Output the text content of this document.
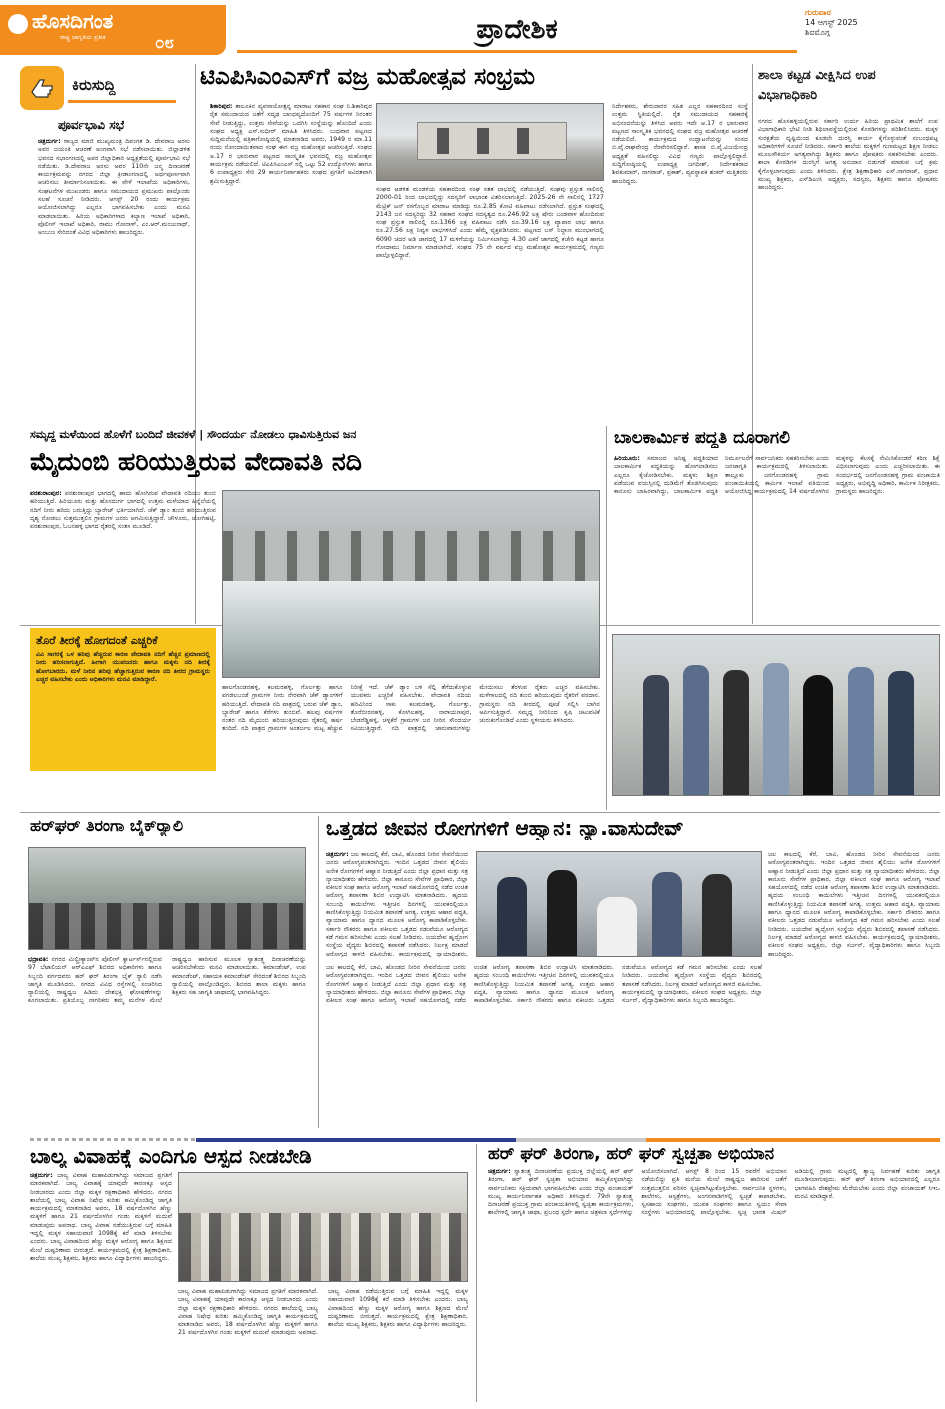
ಹೊಸದಿಗಂತ
ರಾಷ್ಟ್ರ ಜಾಗೃತಿಯ ಪ್ರತೀಕ	೦೮	ಪ್ರಾದೇಶಿಕ
ಗುರುವಾರ
14 ಆಗಸ್ಟ್ 2025
ಶಿವಮೊಗ್ಗ
ಕಿರುಸುದ್ದಿ
ಪೂರ್ವಭಾವಿ ಸಭೆ
ಚಿತ್ರದುರ್ಗ: ರಾಜ್ಯದ ಮಾಜಿ ಮುಖ್ಯಮಂತ್ರಿ ದಿವಂಗತ ಡಿ. ದೇವರಾಜ ಅರಸು ಅವರ ಜಯಂತಿ ಆಚರಣೆ ಅಂಗವಾಗಿ ಸಭೆ ನಡೆಸಲಾಯಿತು. ಜಿಲ್ಲಾಡಳಿತ ಭವನದ ಸಭಾಂಗಣದಲ್ಲಿ ಅಪರ ಜಿಲ್ಲಾಧಿಕಾರಿ ಅಧ್ಯಕ್ಷತೆಯಲ್ಲಿ ಪೂರ್ವಭಾವಿ ಸಭೆ ನಡೆಯಿತು. ಡಿ.ದೇವರಾಜ ಅರಸು ಅವರ 110ನೇ ಜನ್ಮ ದಿನಾಚರಣೆ ಕಾರ್ಯಕ್ರಮವನ್ನು ನಗರದ ಜಿಲ್ಲಾ ಕ್ರೀಡಾಂಗಣದಲ್ಲಿ ಅರ್ಥಪೂರ್ಣವಾಗಿ ಆಚರಿಸಲು ತೀರ್ಮಾನಿಸಲಾಯಿತು. ಈ ವೇಳೆ ಇಲಾಖೆಯ ಅಧಿಕಾರಿಗಳು, ಸಂಘಟನೆಗಳ ಮುಖಂಡರು ಹಾಗೂ ಸಮುದಾಯದ ಪ್ರಮುಖರು ಪಾಲ್ಗೊಂಡು ಸಲಹೆ ಸೂಚನೆ ನೀಡಿದರು. ಆಗಸ್ಟ್ 20 ರಂದು ಕಾರ್ಯಕ್ರಮ ಆಯೋಜಿಸಲಾಗಿದ್ದು ಎಲ್ಲರೂ ಭಾಗವಹಿಸಬೇಕು ಎಂದು ಮನವಿ ಮಾಡಲಾಯಿತು. ಹಿರಿಯ ಅಧಿಕಾರಿಗಳಾದ ಕಲ್ಯಾಣ ಇಲಾಖೆ ಅಧಿಕಾರಿ, ಪೊಲೀಸ್ ಇಲಾಖೆ ಅಧಿಕಾರಿ, ರಾಮು ಗೋನಾಳ್, ಎಂ.ಆರ್.ಮಂಜುನಾಥ್, ಅಂಬುಜ ಸೇರಿದಂತೆ ವಿವಿಧ ಅಧಿಕಾರಿಗಳು ಹಾಜರಿದ್ದರು.
ಟಿಎಪಿಸಿಎಂಎಸ್‌ಗೆ ವಜ್ರ ಮಹೋತ್ಸವ ಸಂಭ್ರಮ
ಶಿಕಾರಿಪುರ: ತಾಲೂಕಿನ ವ್ಯವಸಾಯೋತ್ಪನ್ನ ಮಾರಾಟ ಸಹಕಾರ ಸಂಘ ನಿ.ಶಿಕಾರಿಪುರ ರೈತ ಸಮುದಾಯದ ಜತೆಗೆ ಸದೃಢ ಬಾಂಧವ್ಯದೊಂದಿಗೆ 75 ವರ್ಷಗಳ ನಿರಂತರ ಸೇವೆ ನೀಡುತ್ತಿದ್ದು, ಉತ್ತಮ ಸೇವೆಯನ್ನು ಒದಗಿಸಿ ಸಂಸ್ಥೆಯನ್ನು ಹೊಂದಿದೆ ಎಂದು ಸಂಘದ ಅಧ್ಯಕ್ಷ ಎಸ್.ಸುಧೀರ್ ಮಾಹಿತಿ ತಿಳಿಸಿದರು. ಬುಧವಾರ ಪಟ್ಟಣದ ಸುದ್ದಿಮನೆಯಲ್ಲಿ ಪತ್ರಿಕಾಗೋಷ್ಠಿಯಲ್ಲಿ ಮಾತನಾಡಿದ ಅವರು, 1949 ರ ಮಾ.11 ರಂದು ನೋಂದಾಯಿತವಾದ ಸಂಘ ಈಗ ವಜ್ರ ಮಹೋತ್ಸವ ಆಚರಿಸುತ್ತಿದೆ. ಸಂಘದ ಅ.17 ರ ಭಾನುವಾರ ಪಟ್ಟಣದ ಸಾಂಸ್ಕೃತಿಕ ಭವನದಲ್ಲಿ ವಜ್ರ ಮಹೋತ್ಸವ ಕಾರ್ಯಕ್ರಮ ನಡೆಯಲಿದೆ. ಟಿಎಪಿಸಿಎಂಎಸ್ ನಲ್ಲಿ ಒಟ್ಟು 52 ಉದ್ಯೋಗಿಗಳು ಹಾಗೂ 6 ಉಪಾಧ್ಯಕ್ಷರು ಸೇರಿ 29 ಕಾರ್ಯನಿರ್ವಾಹಕರು ಸಂಘದ ಪ್ರಗತಿಗೆ ಅವಿರತವಾಗಿ ಶ್ರಮಿಸುತ್ತಿದ್ದಾರೆ.
ಸಂಘದ ಆಡಳಿತ ಮಂಡಳಿಯ ಸಹಕಾರದಿಂದ ಸಂಘ ಸತತ ಲಾಭದಲ್ಲಿ ನಡೆಯುತ್ತಿದೆ. ಸಂಘವು ಪ್ರಸ್ತುತ ಸಾಲಿನಲ್ಲಿ 2000-01 ರಿಂದ ಲಾಭದಲ್ಲಿದ್ದು ಸದಸ್ಯರಿಗೆ ಲಾಭಾಂಶ ವಿತರಿಸಲಾಗುತ್ತಿದೆ. 2025-26 ನೇ ಸಾಲಿನಲ್ಲಿ 1727 ಮೆಟ್ರಿಕ್ ಟನ್ ರಸಗೊಬ್ಬರ ಮಾರಾಟ ಮಾಡಿದ್ದು ರೂ.2.85 ಕೋಟಿ ವಹಿವಾಟು ನಡೆಸಲಾಗಿದೆ. ಪ್ರಸ್ತುತ ಸಂಘದಲ್ಲಿ 2143 ಜನ ಸದಸ್ಯರಿದ್ದು 32 ಸಹಕಾರ ಸಂಘದ ಸದಸ್ಯತ್ವದ ರೂ.246.92 ಲಕ್ಷ ಷೇರು ಬಂಡವಾಳ ಹೊಂದಿರುವ ಸಂಘ ಪ್ರಸ್ತುತ ಸಾಲಿನಲ್ಲಿ ರೂ.1366 ಲಕ್ಷ ವಹಿವಾಟು ನಡೆಸಿ ರೂ.39.16 ಲಕ್ಷ ವ್ಯಾಪಾರ ಲಾಭ ಹಾಗೂ ರೂ.27.56 ಲಕ್ಷ ನಿವ್ವಳ ಲಾಭಗಳಿಸಿದೆ ಎಂದು ಹೆಮ್ಮೆ ವ್ಯಕ್ತಪಡಿಸಿದರು. ಪಟ್ಟಣದ ಬಸ್ ನಿಲ್ದಾಣ ಮುಂಭಾಗದಲ್ಲಿ 6090 ಚದರ ಅಡಿ ಜಾಗದಲ್ಲಿ 17 ಮಳಿಗೆಯನ್ನು ನಿರ್ಮಿಸಲಾಗಿದ್ದು 4.30 ಎಕರೆ ಜಾಗದಲ್ಲಿ ಕಚೇರಿ ಕಟ್ಟಡ ಹಾಗೂ ಗೋದಾಮು ನಿರ್ಮಾಣ ಮಾಡಲಾಗಿದೆ. ಸಂಘದ 75 ನೇ ವರ್ಷದ ವಜ್ರ ಮಹೋತ್ಸವ ಕಾರ್ಯಕ್ರಮದಲ್ಲಿ ಗಣ್ಯರು ಪಾಲ್ಗೊಳ್ಳಲಿದ್ದಾರೆ.
ನಿರ್ದೇಶಕರು, ಶೇರುದಾರರ ಸಹಿತ ಎಲ್ಲರ ಸಹಕಾರದಿಂದ ಸಂಸ್ಥೆ ಉತ್ತಮ ಸ್ಥಿತಿಯಲ್ಲಿದೆ. ರೈತ ಸಮುದಾಯದ ಸಹಕಾರಕ್ಕೆ ಅಭಿನಂದನೆಯನ್ನು ತಿಳಿಸಿದ ಅವರು ಇದೇ ಆ.17 ರ ಭಾನುವಾರ ಪಟ್ಟಣದ ಸಾಂಸ್ಕೃತಿಕ ಭವನದಲ್ಲಿ ಸಂಘದ ವಜ್ರ ಮಹೋತ್ಸವ ಆಚರಣೆ ನಡೆಯಲಿದೆ. ಕಾರ್ಯಕ್ರಮದ ಉದ್ಘಾಟನೆಯನ್ನು ಸಂಸದ ಬಿ.ವೈ.ರಾಘವೇಂದ್ರ ನೆರವೇರಿಸಲಿದ್ದಾರೆ. ಶಾಸಕ ಬಿ.ವೈ.ವಿಜಯೇಂದ್ರ ಅಧ್ಯಕ್ಷತೆ ವಹಿಸಲಿದ್ದು ವಿವಿಧ ಗಣ್ಯರು ಪಾಲ್ಗೊಳ್ಳಲಿದ್ದಾರೆ. ಸುದ್ದಿಗೋಷ್ಠಿಯಲ್ಲಿ ಉಪಾಧ್ಯಕ್ಷ ಜಗದೀಶ್, ನಿರ್ದೇಶಕರಾದ ಶಿವಕುಮಾರ್, ನಾಗರಾಜ್, ಪ್ರಕಾಶ್, ವ್ಯವಸ್ಥಾಪಕ ಶಂಕರ್ ಮತ್ತಿತರರು ಹಾಜರಿದ್ದರು.
ಶಾಲಾ ಕಟ್ಟಡ ವೀಕ್ಷಿಸಿದ ಉಪ ವಿಭಾಗಾಧಿಕಾರಿ
ನಗರದ ಹೊಸಹಳ್ಳಿಯಲ್ಲಿರುವ ಸರ್ಕಾರಿ ಉರ್ದು ಹಿರಿಯ ಪ್ರಾಥಮಿಕ ಶಾಲೆಗೆ ಉಪ ವಿಭಾಗಾಧಿಕಾರಿ ಭೇಟಿ ನೀಡಿ ಶಿಥಿಲಾವಸ್ಥೆಯಲ್ಲಿರುವ ಕೊಠಡಿಗಳನ್ನು ಪರಿಶೀಲಿಸಿದರು. ಮಕ್ಕಳ ಸುರಕ್ಷತೆಯ ದೃಷ್ಟಿಯಿಂದ ಕೂಡಲೇ ದುರಸ್ತಿ ಕಾರ್ಯ ಕೈಗೊಳ್ಳುವಂತೆ ಸಂಬಂಧಪಟ್ಟ ಅಧಿಕಾರಿಗಳಿಗೆ ಸೂಚನೆ ನೀಡಿದರು. ಸರ್ಕಾರಿ ಶಾಲೆಯ ಮಕ್ಕಳಿಗೆ ಗುಣಮಟ್ಟದ ಶಿಕ್ಷಣ ನೀಡಲು ಮೂಲಸೌಕರ್ಯ ಅಗತ್ಯವಾಗಿದ್ದು ಶಿಕ್ಷಕರು ಹಾಗೂ ಪೋಷಕರು ಸಹಕರಿಸಬೇಕು ಎಂದರು. ಶಾಲಾ ಕೊಠಡಿಗಳ ದುರಸ್ತಿಗೆ ಅಗತ್ಯ ಅನುದಾನ ಬಿಡುಗಡೆ ಮಾಡುವ ಬಗ್ಗೆ ಕ್ರಮ ಕೈಗೊಳ್ಳಲಾಗುವುದು ಎಂದು ತಿಳಿಸಿದರು. ಕ್ಷೇತ್ರ ಶಿಕ್ಷಣಾಧಿಕಾರಿ ಎಸ್.ನಾಗರಾಜ್, ಪ್ರಧಾನ ಮುಖ್ಯ ಶಿಕ್ಷಕರು, ಎಸ್‌ಡಿಎಂಸಿ ಅಧ್ಯಕ್ಷರು, ಸದಸ್ಯರು, ಶಿಕ್ಷಕರು ಹಾಗೂ ಪೋಷಕರು ಹಾಜರಿದ್ದರು.
ಸಮೃದ್ಧ ಮಳೆಯಿಂದ ಹೊಳೆಗೆ ಬಂದಿದೆ ಜೀವಕಳೆ | ಸೌಂದರ್ಯ ನೋಡಲು ಧಾವಿಸುತ್ತಿರುವ ಜನ
ಮೈದುಂಬಿ ಹರಿಯುತ್ತಿರುವ ವೇದಾವತಿ ನದಿ
ಪರಶುರಾಂಪುರ: ಪರಶುರಾಂಪುರ ಭಾಗದಲ್ಲಿ ಹಾದು ಹೋಗಿರುವ ವೇದಾವತಿ ನದಿಯು ತುಂಬಿ ಹರಿಯುತ್ತಿದೆ. ಹಿರಿಯೂರು ಮತ್ತು ಹೊಸದುರ್ಗ ಭಾಗದಲ್ಲಿ ಉತ್ತಮ ಮಳೆಯಾದ ಹಿನ್ನೆಲೆಯಲ್ಲಿ ನದಿಗೆ ನೀರು ಹರಿದು ಬರುತ್ತಿದ್ದು ಬ್ಯಾರೇಜ್ ಭರ್ತಿಯಾಗಿದೆ. ಚೆಕ್ ಡ್ಯಾಂ ತುಂಬಿ ಹರಿಯುತ್ತಿರುವ ದೃಶ್ಯ ನೋಡಲು ಸುತ್ತಮುತ್ತಲಿನ ಗ್ರಾಮಗಳ ಜನರು ಆಗಮಿಸುತ್ತಿದ್ದಾರೆ. ಚೌಳೂರು, ಜೋಗಿಹಟ್ಟಿ, ಪರಶುರಾಂಪುರ, ಓಬನಹಳ್ಳಿ ಭಾಗದ ರೈತರಲ್ಲಿ ಸಂತಸ ಮೂಡಿದೆ.
ತೊರೆ ತೀರಕ್ಕೆ ಹೋಗದಂತೆ ಎಚ್ಚರಿಕೆ
ವಿವಿ ಸಾಗರಕ್ಕೆ ಒಳ ಹರಿವು ಹೆಚ್ಚಿರುವ ಕಾರಣ ವೇದಾವತಿ ನದಿಗೆ ಹೆಚ್ಚಿನ ಪ್ರಮಾಣದಲ್ಲಿ ನೀರು ಹರಿಸಲಾಗುತ್ತಿದೆ. ಹೀಗಾಗಿ ಯುವಜನರು ಹಾಗೂ ಮಕ್ಕಳು ನದಿ ತೀರಕ್ಕೆ ಹೋಗಬಾರದು. ಮಳೆ ನೀರಿನ ಹರಿವು ಹೆಚ್ಚಾಗುತ್ತಿರುವ ಕಾರಣ ನದಿ ತೀರದ ಗ್ರಾಮಸ್ಥರು ಎಚ್ಚರ ವಹಿಸಬೇಕು ಎಂದು ಅಧಿಕಾರಿಗಳು ಮನವಿ ಮಾಡಿದ್ದಾರೆ.
ಹಾಲಗೊಂಡನಹಳ್ಳಿ, ಕಲಮರಹಳ್ಳಿ, ಗೊರ್ಲತ್ತು ಹಾಗೂ ಪಗಡಲಬಂಡೆ ಗ್ರಾಮಗಳ ನೀರು ನೇರವಾಗಿ ಚೆಕ್ ಡ್ಯಾಂಗಳಿಗೆ ಹರಿಯುತ್ತಿದೆ. ವೇದಾವತಿ ನದಿ ಪಾತ್ರದಲ್ಲಿ ಬರುವ ಚೆಕ್ ಡ್ಯಾಂ, ಬ್ಯಾರೇಜ್ ಹಾಗೂ ಕೆರೆಗಳು ತುಂಬಿವೆ. ಹಲವು ವರ್ಷಗಳ ನಂತರ ನದಿ ಮೈದುಂಬಿ ಹರಿಯುತ್ತಿರುವುದು ರೈತರಲ್ಲಿ ಹರ್ಷ ತಂದಿದೆ. ನದಿ ಪಾತ್ರದ ಗ್ರಾಮಗಳ ಅಂತರ್ಜಲ ಮಟ್ಟ ಹೆಚ್ಚುವ ನಿರೀಕ್ಷೆ ಇದೆ. ಚೆಕ್ ಡ್ಯಾಂ ಬಳಿ ಸೆಲ್ಫಿ ತೆಗೆದುಕೊಳ್ಳುವ ಯುವಕರು ಎಚ್ಚರಿಕೆ ವಹಿಸಬೇಕು. ವೇದಾವತಿ ನದಿಯ ಹರಿವಿನಿಂದ ಸಾಕು ಕಲಮರಹಳ್ಳಿ, ಗೊರ್ಲತ್ತು, ತೊರೆಬೀರನಹಳ್ಳಿ, ಕೋಗಿಲಹಳ್ಳಿ, ನಾರಾಯಣಪುರ, ಬೇಡರೆಡ್ಡಿಹಳ್ಳಿ, ಚಳ್ಳಕೆರೆ ಗ್ರಾಮಗಳ ಜನ ನೀರಿನ ಸೌಂದರ್ಯ ಸವಿಯುತ್ತಿದ್ದಾರೆ. ನದಿ ಪಾತ್ರದಲ್ಲಿ ಜಾನುವಾರುಗಳನ್ನು ಮೇಯಿಸಲು ತೆರಳುವ ರೈತರು ಎಚ್ಚರ ವಹಿಸಬೇಕು. ಮಳೆಗಾಲದಲ್ಲಿ ನದಿ ತುಂಬಿ ಹರಿಯುವುದು ರೈತರಿಗೆ ವರದಾನ. ಗ್ರಾಮಸ್ಥರು ನದಿ ತೀರದಲ್ಲಿ ಪೂಜೆ ಸಲ್ಲಿಸಿ ಬಾಗಿನ ಅರ್ಪಿಸುತ್ತಿದ್ದಾರೆ. ಸಮೃದ್ಧ ನೀರಿನಿಂದ ಕೃಷಿ ಚಟುವಟಿಕೆ ಚುರುಕುಗೊಂಡಿದೆ ಎಂದು ಸ್ಥಳೀಯರು ತಿಳಿಸಿದರು.
ಬಾಲಕಾರ್ಮಿಕ ಪದ್ಧತಿ ದೂರಾಗಲಿ
ಹಿರಿಯೂರು: ಸಮಾಜದ ಅನಿಷ್ಟ ಪದ್ಧತಿಯಾದ ಬಾಲಕಾರ್ಮಿಕ ಪದ್ಧತಿಯನ್ನು ಹೋಗಲಾಡಿಸಲು ಎಲ್ಲರೂ ಕೈಜೋಡಿಸಬೇಕು. ಮಕ್ಕಳು ಶಿಕ್ಷಣ ಪಡೆಯುವ ವಯಸ್ಸಿನಲ್ಲಿ ದುಡಿಮೆಗೆ ತೊಡಗಿಸುವುದು ಕಾನೂನು ಬಾಹಿರವಾಗಿದ್ದು, ಬಾಲಕಾರ್ಮಿಕ ಪದ್ಧತಿ ನಿರ್ಮೂಲನೆಗೆ ಸಾರ್ವಜನಿಕರು ಸಹಕರಿಸಬೇಕು ಎಂದು ಜನಜಾಗೃತಿ ಕಾರ್ಯಕ್ರಮದಲ್ಲಿ ತಿಳಿಸಲಾಯಿತು. ತಾಲ್ಲೂಕು ಜನಗೊಂಡನಹಳ್ಳಿ ಗ್ರಾಮ ಪಂಚಾಯಿತಿಯಲ್ಲಿ ಕಾರ್ಮಿಕ ಇಲಾಖೆ ವತಿಯಿಂದ ಆಯೋಜಿಸಿದ್ದ ಕಾರ್ಯಕ್ರಮದಲ್ಲಿ 14 ವರ್ಷದೊಳಗಿನ ಮಕ್ಕಳನ್ನು ಕೆಲಸಕ್ಕೆ ನೇಮಿಸಿಕೊಂಡರೆ ಕಠಿಣ ಶಿಕ್ಷೆ ವಿಧಿಸಲಾಗುವುದು ಎಂದು ಎಚ್ಚರಿಸಲಾಯಿತು. ಈ ಸಂದರ್ಭದಲ್ಲಿ ಜನಗೊಂಡನಹಳ್ಳಿ ಗ್ರಾಮ ಪಂಚಾಯಿತಿ ಅಧ್ಯಕ್ಷರು, ಅಭಿವೃದ್ಧಿ ಅಧಿಕಾರಿ, ಕಾರ್ಮಿಕ ನಿರೀಕ್ಷಕರು, ಗ್ರಾಮಸ್ಥರು ಹಾಜರಿದ್ದರು.
ಹರ್‌ಘರ್ ತಿರಂಗಾ ಬೈಕ್‌ರ್‍ಯಾಲಿ
ಭದ್ರಾವತಿ: ನಗರದ ಮಿಲ್ಟ್ರೀಕ್ಯಾಂಪ್‌ನ ಪೊಲೀಸ್ ಕ್ವಾರ್ಟರ್ಸ್‌ನಲ್ಲಿರುವ 97 ಬೆಟಾಲಿಯನ್ ಆರ್‌ಎಎಫ್ ಶಿಬಿರದ ಅಧಿಕಾರಿಗಳು ಹಾಗೂ ಸಿಬ್ಬಂದಿ ವರ್ಗದವರು ಹರ್ ಘರ್ ತಿರಂಗಾ ಬೈಕ್ ರ್‍ಯಾಲಿ ನಡೆಸಿ ಜಾಗೃತಿ ಮೂಡಿಸಿದರು. ನಗರದ ವಿವಿಧ ರಸ್ತೆಗಳಲ್ಲಿ ಸಂಚರಿಸಿದ ರ್‍ಯಾಲಿಯಲ್ಲಿ ರಾಷ್ಟ್ರಧ್ವಜ ಹಿಡಿದು ದೇಶಭಕ್ತಿ ಘೋಷಣೆಗಳನ್ನು ಕೂಗಲಾಯಿತು. ಪ್ರತಿಯೊಬ್ಬ ನಾಗರಿಕರು ತಮ್ಮ ಮನೆಗಳ ಮೇಲೆ ರಾಷ್ಟ್ರಧ್ವಜ ಹಾರಿಸುವ ಮೂಲಕ ಸ್ವಾತಂತ್ರ್ಯ ದಿನಾಚರಣೆಯನ್ನು ಆಚರಿಸಬೇಕೆಂದು ಮನವಿ ಮಾಡಲಾಯಿತು. ಕಮಾಂಡೆಂಟ್, ಉಪ ಕಮಾಂಡೆಂಟ್, ಸಹಾಯಕ ಕಮಾಂಡೆಂಟ್ ಸೇರಿದಂತೆ ಶಿಬಿರದ ಸಿಬ್ಬಂದಿ ರ್‍ಯಾಲಿಯಲ್ಲಿ ಪಾಲ್ಗೊಂಡಿದ್ದರು. ಶಿಬಿರದ ಶಾಲಾ ಮಕ್ಕಳು ಹಾಗೂ ಶಿಕ್ಷಕರು ಸಹ ಜಾಗೃತಿ ಜಾಥಾದಲ್ಲಿ ಭಾಗವಹಿಸಿದ್ದರು.
ಒತ್ತಡದ ಜೀವನ ರೋಗಗಳಿಗೆ ಆಹ್ವಾನ: ನ್ಯಾ.ವಾಸುದೇವ್
ಚಿತ್ರದುರ್ಗ: ಜಲ ಕಾಲದಲ್ಲಿ ಕೆರೆ, ಬಾವಿ, ಹೊಂಡದ ನೀರಿನ ಸೇವನೆಯಿಂದ ಜನರು ಆರೋಗ್ಯವಂತರಾಗಿದ್ದರು. ಇಂದಿನ ಒತ್ತಡದ ಜೀವನ ಶೈಲಿಯು ಅನೇಕ ರೋಗಗಳಿಗೆ ಆಹ್ವಾನ ನೀಡುತ್ತಿದೆ ಎಂದು ಜಿಲ್ಲಾ ಪ್ರಧಾನ ಮತ್ತು ಸತ್ರ ನ್ಯಾಯಾಧೀಶರು ಹೇಳಿದರು. ಜಿಲ್ಲಾ ಕಾನೂನು ಸೇವೆಗಳ ಪ್ರಾಧಿಕಾರ, ಜಿಲ್ಲಾ ವಕೀಲರ ಸಂಘ ಹಾಗೂ ಆರೋಗ್ಯ ಇಲಾಖೆ ಸಹಯೋಗದಲ್ಲಿ ನಡೆದ ಉಚಿತ ಆರೋಗ್ಯ ತಪಾಸಣಾ ಶಿಬಿರ ಉದ್ಘಾಟಿಸಿ ಮಾತನಾಡಿದರು. ಹೃದಯ ಸಂಬಂಧಿ ಕಾಯಿಲೆಗಳು ಇತ್ತೀಚಿನ ದಿನಗಳಲ್ಲಿ ಯುವಕರಲ್ಲಿಯೂ ಕಾಣಿಸಿಕೊಳ್ಳುತ್ತಿದ್ದು ನಿಯಮಿತ ತಪಾಸಣೆ ಅಗತ್ಯ. ಉತ್ತಮ ಆಹಾರ ಪದ್ಧತಿ, ವ್ಯಾಯಾಮ ಹಾಗೂ ಧ್ಯಾನದ ಮೂಲಕ ಆರೋಗ್ಯ ಕಾಪಾಡಿಕೊಳ್ಳಬೇಕು. ಸರ್ಕಾರಿ ನೌಕರರು ಹಾಗೂ ವಕೀಲರು ಒತ್ತಡದ ನಡುವೆಯೂ ಆರೋಗ್ಯದ ಕಡೆ ಗಮನ ಹರಿಸಬೇಕು ಎಂದು ಸಲಹೆ ನೀಡಿದರು. ಜಯದೇವ ಹೃದ್ರೋಗ ಸಂಸ್ಥೆಯ ವೈದ್ಯರು ಶಿಬಿರದಲ್ಲಿ ತಪಾಸಣೆ ನಡೆಸಿದರು. ನಿರ್ಲಕ್ಷ ಮಾಡದೆ ಆರೋಗ್ಯದ ಕಾಳಜಿ ವಹಿಸಬೇಕು. ಕಾರ್ಯಕ್ರಮದಲ್ಲಿ ನ್ಯಾಯಾಧೀಶರು,
ಜಲ ಕಾಲದಲ್ಲಿ ಕೆರೆ, ಬಾವಿ, ಹೊಂಡದ ನೀರಿನ ಸೇವನೆಯಿಂದ ಜನರು ಆರೋಗ್ಯವಂತರಾಗಿದ್ದರು. ಇಂದಿನ ಒತ್ತಡದ ಜೀವನ ಶೈಲಿಯು ಅನೇಕ ರೋಗಗಳಿಗೆ ಆಹ್ವಾನ ನೀಡುತ್ತಿದೆ ಎಂದು ಜಿಲ್ಲಾ ಪ್ರಧಾನ ಮತ್ತು ಸತ್ರ ನ್ಯಾಯಾಧೀಶರು ಹೇಳಿದರು. ಜಿಲ್ಲಾ ಕಾನೂನು ಸೇವೆಗಳ ಪ್ರಾಧಿಕಾರ, ಜಿಲ್ಲಾ ವಕೀಲರ ಸಂಘ ಹಾಗೂ ಆರೋಗ್ಯ ಇಲಾಖೆ ಸಹಯೋಗದಲ್ಲಿ ನಡೆದ ಉಚಿತ ಆರೋಗ್ಯ ತಪಾಸಣಾ ಶಿಬಿರ ಉದ್ಘಾಟಿಸಿ ಮಾತನಾಡಿದರು. ಹೃದಯ ಸಂಬಂಧಿ ಕಾಯಿಲೆಗಳು ಇತ್ತೀಚಿನ ದಿನಗಳಲ್ಲಿ ಯುವಕರಲ್ಲಿಯೂ ಕಾಣಿಸಿಕೊಳ್ಳುತ್ತಿದ್ದು ನಿಯಮಿತ ತಪಾಸಣೆ ಅಗತ್ಯ. ಉತ್ತಮ ಆಹಾರ ಪದ್ಧತಿ, ವ್ಯಾಯಾಮ ಹಾಗೂ ಧ್ಯಾನದ ಮೂಲಕ ಆರೋಗ್ಯ ಕಾಪಾಡಿಕೊಳ್ಳಬೇಕು. ಸರ್ಕಾರಿ ನೌಕರರು ಹಾಗೂ ವಕೀಲರು ಒತ್ತಡದ ನಡುವೆಯೂ ಆರೋಗ್ಯದ ಕಡೆ ಗಮನ ಹರಿಸಬೇಕು ಎಂದು ಸಲಹೆ ನೀಡಿದರು. ಜಯದೇವ ಹೃದ್ರೋಗ ಸಂಸ್ಥೆಯ ವೈದ್ಯರು ಶಿಬಿರದಲ್ಲಿ ತಪಾಸಣೆ ನಡೆಸಿದರು. ನಿರ್ಲಕ್ಷ ಮಾಡದೆ ಆರೋಗ್ಯದ ಕಾಳಜಿ ವಹಿಸಬೇಕು. ಕಾರ್ಯಕ್ರಮದಲ್ಲಿ ನ್ಯಾಯಾಧೀಶರು, ವಕೀಲರ ಸಂಘದ ಅಧ್ಯಕ್ಷರು, ಜಿಲ್ಲಾ ಸರ್ಜನ್, ವೈದ್ಯಾಧಿಕಾರಿಗಳು ಹಾಗೂ ಸಿಬ್ಬಂದಿ ಹಾಜರಿದ್ದರು.
ಜಲ ಕಾಲದಲ್ಲಿ ಕೆರೆ, ಬಾವಿ, ಹೊಂಡದ ನೀರಿನ ಸೇವನೆಯಿಂದ ಜನರು ಆರೋಗ್ಯವಂತರಾಗಿದ್ದರು. ಇಂದಿನ ಒತ್ತಡದ ಜೀವನ ಶೈಲಿಯು ಅನೇಕ ರೋಗಗಳಿಗೆ ಆಹ್ವಾನ ನೀಡುತ್ತಿದೆ ಎಂದು ಜಿಲ್ಲಾ ಪ್ರಧಾನ ಮತ್ತು ಸತ್ರ ನ್ಯಾಯಾಧೀಶರು ಹೇಳಿದರು. ಜಿಲ್ಲಾ ಕಾನೂನು ಸೇವೆಗಳ ಪ್ರಾಧಿಕಾರ, ಜಿಲ್ಲಾ ವಕೀಲರ ಸಂಘ ಹಾಗೂ ಆರೋಗ್ಯ ಇಲಾಖೆ ಸಹಯೋಗದಲ್ಲಿ ನಡೆದ ಉಚಿತ ಆರೋಗ್ಯ ತಪಾಸಣಾ ಶಿಬಿರ ಉದ್ಘಾಟಿಸಿ ಮಾತನಾಡಿದರು. ಹೃದಯ ಸಂಬಂಧಿ ಕಾಯಿಲೆಗಳು ಇತ್ತೀಚಿನ ದಿನಗಳಲ್ಲಿ ಯುವಕರಲ್ಲಿಯೂ ಕಾಣಿಸಿಕೊಳ್ಳುತ್ತಿದ್ದು ನಿಯಮಿತ ತಪಾಸಣೆ ಅಗತ್ಯ. ಉತ್ತಮ ಆಹಾರ ಪದ್ಧತಿ, ವ್ಯಾಯಾಮ ಹಾಗೂ ಧ್ಯಾನದ ಮೂಲಕ ಆರೋಗ್ಯ ಕಾಪಾಡಿಕೊಳ್ಳಬೇಕು. ಸರ್ಕಾರಿ ನೌಕರರು ಹಾಗೂ ವಕೀಲರು ಒತ್ತಡದ ನಡುವೆಯೂ ಆರೋಗ್ಯದ ಕಡೆ ಗಮನ ಹರಿಸಬೇಕು ಎಂದು ಸಲಹೆ ನೀಡಿದರು. ಜಯದೇವ ಹೃದ್ರೋಗ ಸಂಸ್ಥೆಯ ವೈದ್ಯರು ಶಿಬಿರದಲ್ಲಿ ತಪಾಸಣೆ ನಡೆಸಿದರು. ನಿರ್ಲಕ್ಷ ಮಾಡದೆ ಆರೋಗ್ಯದ ಕಾಳಜಿ ವಹಿಸಬೇಕು. ಕಾರ್ಯಕ್ರಮದಲ್ಲಿ ನ್ಯಾಯಾಧೀಶರು, ವಕೀಲರ ಸಂಘದ ಅಧ್ಯಕ್ಷರು, ಜಿಲ್ಲಾ ಸರ್ಜನ್, ವೈದ್ಯಾಧಿಕಾರಿಗಳು ಹಾಗೂ ಸಿಬ್ಬಂದಿ ಹಾಜರಿದ್ದರು.
ಬಾಲ್ಯ ವಿವಾಹಕ್ಕೆ ಎಂದಿಗೂ ಆಸ್ಪದ ನೀಡಬೇಡಿ
ಚಿತ್ರದುರ್ಗ: ಬಾಲ್ಯ ವಿವಾಹ ಮಹಾಪಿಡುಗಾಗಿದ್ದು ಸಮಾಜದ ಪ್ರಗತಿಗೆ ಮಾರಕವಾಗಿದೆ. ಬಾಲ್ಯ ವಿವಾಹಕ್ಕೆ ಯಾವುದೇ ಕಾರಣಕ್ಕೂ ಆಸ್ಪದ ನೀಡಬಾರದು ಎಂದು ಜಿಲ್ಲಾ ಮಕ್ಕಳ ರಕ್ಷಣಾಧಿಕಾರಿ ಹೇಳಿದರು. ನಗರದ ಶಾಲೆಯಲ್ಲಿ ಬಾಲ್ಯ ವಿವಾಹ ನಿಷೇಧ ಕುರಿತು ಹಮ್ಮಿಕೊಂಡಿದ್ದ ಜಾಗೃತಿ ಕಾರ್ಯಕ್ರಮದಲ್ಲಿ ಮಾತನಾಡಿದ ಅವರು, 18 ವರ್ಷದೊಳಗಿನ ಹೆಣ್ಣು ಮಕ್ಕಳಿಗೆ ಹಾಗೂ 21 ವರ್ಷದೊಳಗಿನ ಗಂಡು ಮಕ್ಕಳಿಗೆ ಮದುವೆ ಮಾಡುವುದು ಅಪರಾಧ. ಬಾಲ್ಯ ವಿವಾಹ ನಡೆಯುತ್ತಿರುವ ಬಗ್ಗೆ ಮಾಹಿತಿ ಇದ್ದಲ್ಲಿ ಮಕ್ಕಳ ಸಹಾಯವಾಣಿ 1098ಕ್ಕೆ ಕರೆ ಮಾಡಿ ತಿಳಿಸಬೇಕು ಎಂದರು. ಬಾಲ್ಯ ವಿವಾಹದಿಂದ ಹೆಣ್ಣು ಮಕ್ಕಳ ಆರೋಗ್ಯ ಹಾಗೂ ಶಿಕ್ಷಣದ ಮೇಲೆ ದುಷ್ಪರಿಣಾಮ ಬೀರುತ್ತದೆ. ಕಾರ್ಯಕ್ರಮದಲ್ಲಿ ಕ್ಷೇತ್ರ ಶಿಕ್ಷಣಾಧಿಕಾರಿ, ಶಾಲೆಯ ಮುಖ್ಯ ಶಿಕ್ಷಕರು, ಶಿಕ್ಷಕರು ಹಾಗೂ ವಿದ್ಯಾರ್ಥಿಗಳು ಹಾಜರಿದ್ದರು.
ಬಾಲ್ಯ ವಿವಾಹ ಮಹಾಪಿಡುಗಾಗಿದ್ದು ಸಮಾಜದ ಪ್ರಗತಿಗೆ ಮಾರಕವಾಗಿದೆ. ಬಾಲ್ಯ ವಿವಾಹಕ್ಕೆ ಯಾವುದೇ ಕಾರಣಕ್ಕೂ ಆಸ್ಪದ ನೀಡಬಾರದು ಎಂದು ಜಿಲ್ಲಾ ಮಕ್ಕಳ ರಕ್ಷಣಾಧಿಕಾರಿ ಹೇಳಿದರು. ನಗರದ ಶಾಲೆಯಲ್ಲಿ ಬಾಲ್ಯ ವಿವಾಹ ನಿಷೇಧ ಕುರಿತು ಹಮ್ಮಿಕೊಂಡಿದ್ದ ಜಾಗೃತಿ ಕಾರ್ಯಕ್ರಮದಲ್ಲಿ ಮಾತನಾಡಿದ ಅವರು, 18 ವರ್ಷದೊಳಗಿನ ಹೆಣ್ಣು ಮಕ್ಕಳಿಗೆ ಹಾಗೂ 21 ವರ್ಷದೊಳಗಿನ ಗಂಡು ಮಕ್ಕಳಿಗೆ ಮದುವೆ ಮಾಡುವುದು ಅಪರಾಧ. ಬಾಲ್ಯ ವಿವಾಹ ನಡೆಯುತ್ತಿರುವ ಬಗ್ಗೆ ಮಾಹಿತಿ ಇದ್ದಲ್ಲಿ ಮಕ್ಕಳ ಸಹಾಯವಾಣಿ 1098ಕ್ಕೆ ಕರೆ ಮಾಡಿ ತಿಳಿಸಬೇಕು ಎಂದರು. ಬಾಲ್ಯ ವಿವಾಹದಿಂದ ಹೆಣ್ಣು ಮಕ್ಕಳ ಆರೋಗ್ಯ ಹಾಗೂ ಶಿಕ್ಷಣದ ಮೇಲೆ ದುಷ್ಪರಿಣಾಮ ಬೀರುತ್ತದೆ. ಕಾರ್ಯಕ್ರಮದಲ್ಲಿ ಕ್ಷೇತ್ರ ಶಿಕ್ಷಣಾಧಿಕಾರಿ, ಶಾಲೆಯ ಮುಖ್ಯ ಶಿಕ್ಷಕರು, ಶಿಕ್ಷಕರು ಹಾಗೂ ವಿದ್ಯಾರ್ಥಿಗಳು ಹಾಜರಿದ್ದರು.
ಹರ್ ಘರ್ ತಿರಂಗಾ, ಹರ್ ಘರ್ ಸ್ವಚ್ಛತಾ ಅಭಿಯಾನ
ಚಿತ್ರದುರ್ಗ: ಸ್ವಾತಂತ್ರ್ಯ ದಿನಾಚರಣೆಯ ಪ್ರಯುಕ್ತ ಜಿಲ್ಲೆಯಲ್ಲಿ ಹರ್ ಘರ್ ತಿರಂಗಾ, ಹರ್ ಘರ್ ಸ್ವಚ್ಛತಾ ಅಭಿಯಾನ ಹಮ್ಮಿಕೊಳ್ಳಲಾಗಿದ್ದು ಸಾರ್ವಜನಿಕರು ಸಕ್ರಿಯವಾಗಿ ಭಾಗವಹಿಸಬೇಕು ಎಂದು ಜಿಲ್ಲಾ ಪಂಚಾಯತ್ ಮುಖ್ಯ ಕಾರ್ಯನಿರ್ವಾಹಕ ಅಧಿಕಾರಿ ತಿಳಿಸಿದ್ದಾರೆ. 79ನೇ ಸ್ವಾತಂತ್ರ್ಯ ದಿನಾಚರಣೆ ಪ್ರಯುಕ್ತ ಗ್ರಾಮ ಪಂಚಾಯತಿಗಳಲ್ಲಿ ಸ್ವಚ್ಛತಾ ಕಾರ್ಯಕ್ರಮಗಳು, ಶಾಲೆಗಳಲ್ಲಿ ಜಾಗೃತಿ ಜಾಥಾ, ಪ್ರಬಂಧ ಸ್ಪರ್ಧೆ ಹಾಗೂ ಚಿತ್ರಕಲಾ ಸ್ಪರ್ಧೆಗಳನ್ನು ಆಯೋಜಿಸಲಾಗಿದೆ. ಆಗಸ್ಟ್ 8 ರಿಂದ 15 ರವರೆಗೆ ಅಭಿಯಾನ ನಡೆಯಲಿದ್ದು ಪ್ರತಿ ಮನೆಯ ಮೇಲೆ ರಾಷ್ಟ್ರಧ್ವಜ ಹಾರಿಸುವ ಜತೆಗೆ ಸುತ್ತಮುತ್ತಲಿನ ಪರಿಸರ ಸ್ವಚ್ಛವಾಗಿಟ್ಟುಕೊಳ್ಳಬೇಕು. ಸಾರ್ವಜನಿಕ ಸ್ಥಳಗಳು, ಶಾಲೆಗಳು, ಆಸ್ಪತ್ರೆಗಳು, ಅಂಗನವಾಡಿಗಳಲ್ಲಿ ಸ್ವಚ್ಛತೆ ಕಾಪಾಡಬೇಕು. ಸ್ವಸಹಾಯ ಸಂಘಗಳು, ಯುವಕ ಸಂಘಗಳು ಹಾಗೂ ಸ್ವಯಂ ಸೇವಾ ಸಂಸ್ಥೆಗಳು ಅಭಿಯಾನದಲ್ಲಿ ಪಾಲ್ಗೊಳ್ಳಬೇಕು. ಸ್ವಚ್ಛ ಭಾರತ ಮಿಷನ್ ಅಡಿಯಲ್ಲಿ ಗ್ರಾಮ ಮಟ್ಟದಲ್ಲಿ ತ್ಯಾಜ್ಯ ನಿರ್ವಹಣೆ ಕುರಿತು ಜಾಗೃತಿ ಮೂಡಿಸಲಾಗುವುದು. ಹರ್ ಘರ್ ತಿರಂಗಾ ಅಭಿಯಾನದಲ್ಲಿ ಎಲ್ಲರೂ ಭಾಗವಹಿಸಿ ದೇಶಪ್ರೇಮ ಮೆರೆಯಬೇಕು ಎಂದು ಜಿಲ್ಲಾ ಪಂಚಾಯತ್ ಸಿಇಒ ಮನವಿ ಮಾಡಿದ್ದಾರೆ.
